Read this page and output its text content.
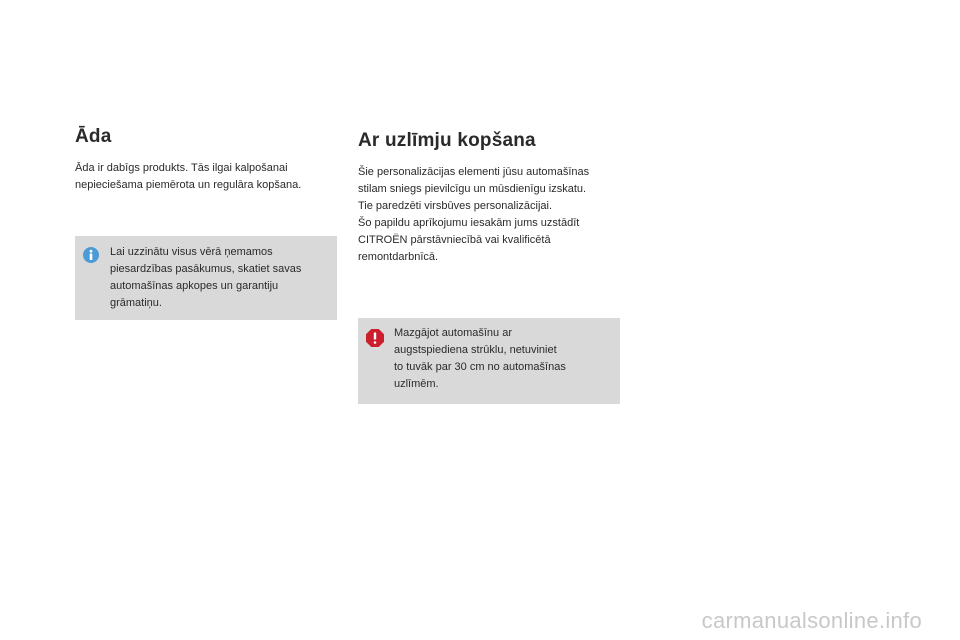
Āda

Āda ir dabīgs produkts. Tās ilgai kalpošanai

nepieciešama piemērota un regulāra kopšana.

Lai uzzinātu visus vērā ņemamos
piesardzības pasākumus, skatiet savas
automašīnas apkopes un garantiju
grāmatiņu.
Ar uzlīmju kopšana

Šie personalizācijas elementi jūsu automašīnas

stilam sniegs pievilcīgu un mūsdienīgu izskatu.

Tie paredzēti virsbūves personalizācijai.

Šo papildu aprīkojumu iesakām jums uzstādīt

CITROËN pārstāvniecībā vai kvalificētā

remontdarbnīcā.

Mazgājot automašīnu ar
augstspiediena strūklu, netuviniet
to tuvāk par 30 cm no automašīnas
uzlīmēm.
carmanualsonline.info
